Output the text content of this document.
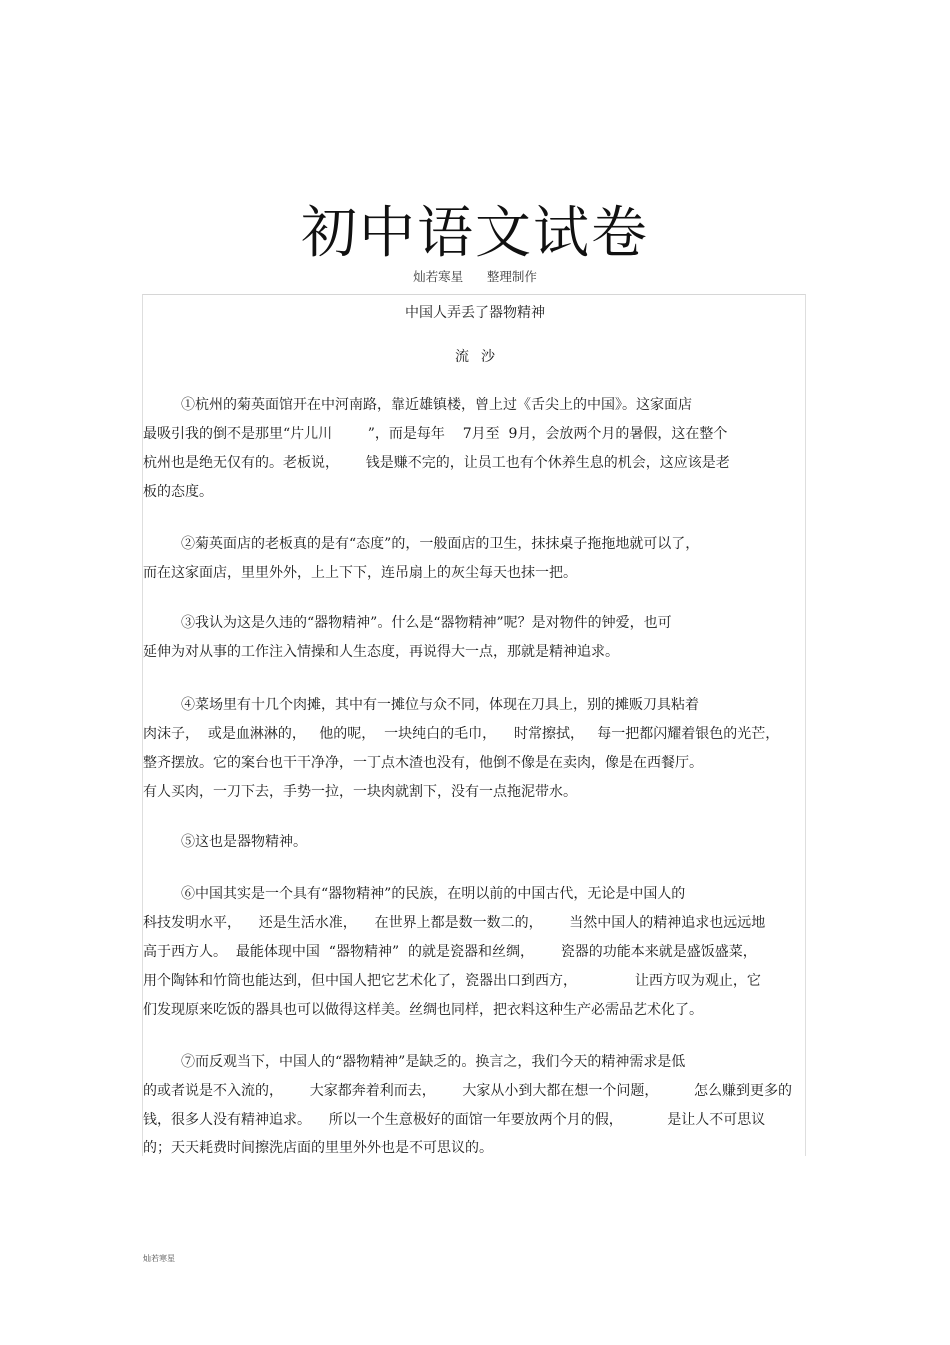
初中语文试卷
灿若寒星      整理制作
中国人弄丢了器物精神
流沙
①杭州的菊英面馆开在中河南路，靠近雄镇楼，曾上过《舌尖上的中国》。这家面店
最吸引我的倒不是那里“片儿川        ”，而是每年    7月至  9月，会放两个月的暑假，这在整个
杭州也是绝无仅有的。老板说，      钱是赚不完的，让员工也有个休养生息的机会，这应该是老
板的态度。
②菊英面店的老板真的是有“态度”的，一般面店的卫生，抹抹桌子拖拖地就可以了，
而在这家面店，里里外外，上上下下，连吊扇上的灰尘每天也抹一把。
③我认为这是久违的“器物精神”。什么是“器物精神”呢？是对物件的钟爱，也可
延伸为对从事的工作注入情操和人生态度，再说得大一点，那就是精神追求。
④菜场里有十几个肉摊，其中有一摊位与众不同，体现在刀具上，别的摊贩刀具粘着
肉沫子，  或是血淋淋的，   他的呢，  一块纯白的毛巾，    时常擦拭，   每一把都闪耀着银色的光芒，
整齐摆放。它的案台也干干净净，一丁点木渣也没有，他倒不像是在卖肉，像是在西餐厅。
有人买肉，一刀下去，手势一拉，一块肉就割下，没有一点拖泥带水。
⑤这也是器物精神。
⑥中国其实是一个具有“器物精神”的民族，在明以前的中国古代，无论是中国人的
科技发明水平，    还是生活水准，    在世界上都是数一数二的，      当然中国人的精神追求也远远地
高于西方人。  最能体现中国  “器物精神”  的就是瓷器和丝绸，      瓷器的功能本来就是盛饭盛菜，
用个陶钵和竹筒也能达到，但中国人把它艺术化了，瓷器出口到西方，             让西方叹为观止，它
们发现原来吃饭的器具也可以做得这样美。丝绸也同样，把衣料这种生产必需品艺术化了。
⑦而反观当下，中国人的“器物精神”是缺乏的。换言之，我们今天的精神需求是低
的或者说是不入流的，      大家都奔着利而去，      大家从小到大都在想一个问题，        怎么赚到更多的
钱，很多人没有精神追求。    所以一个生意极好的面馆一年要放两个月的假，          是让人不可思议
的；天天耗费时间擦洗店面的里里外外也是不可思议的。
灿若寒星
